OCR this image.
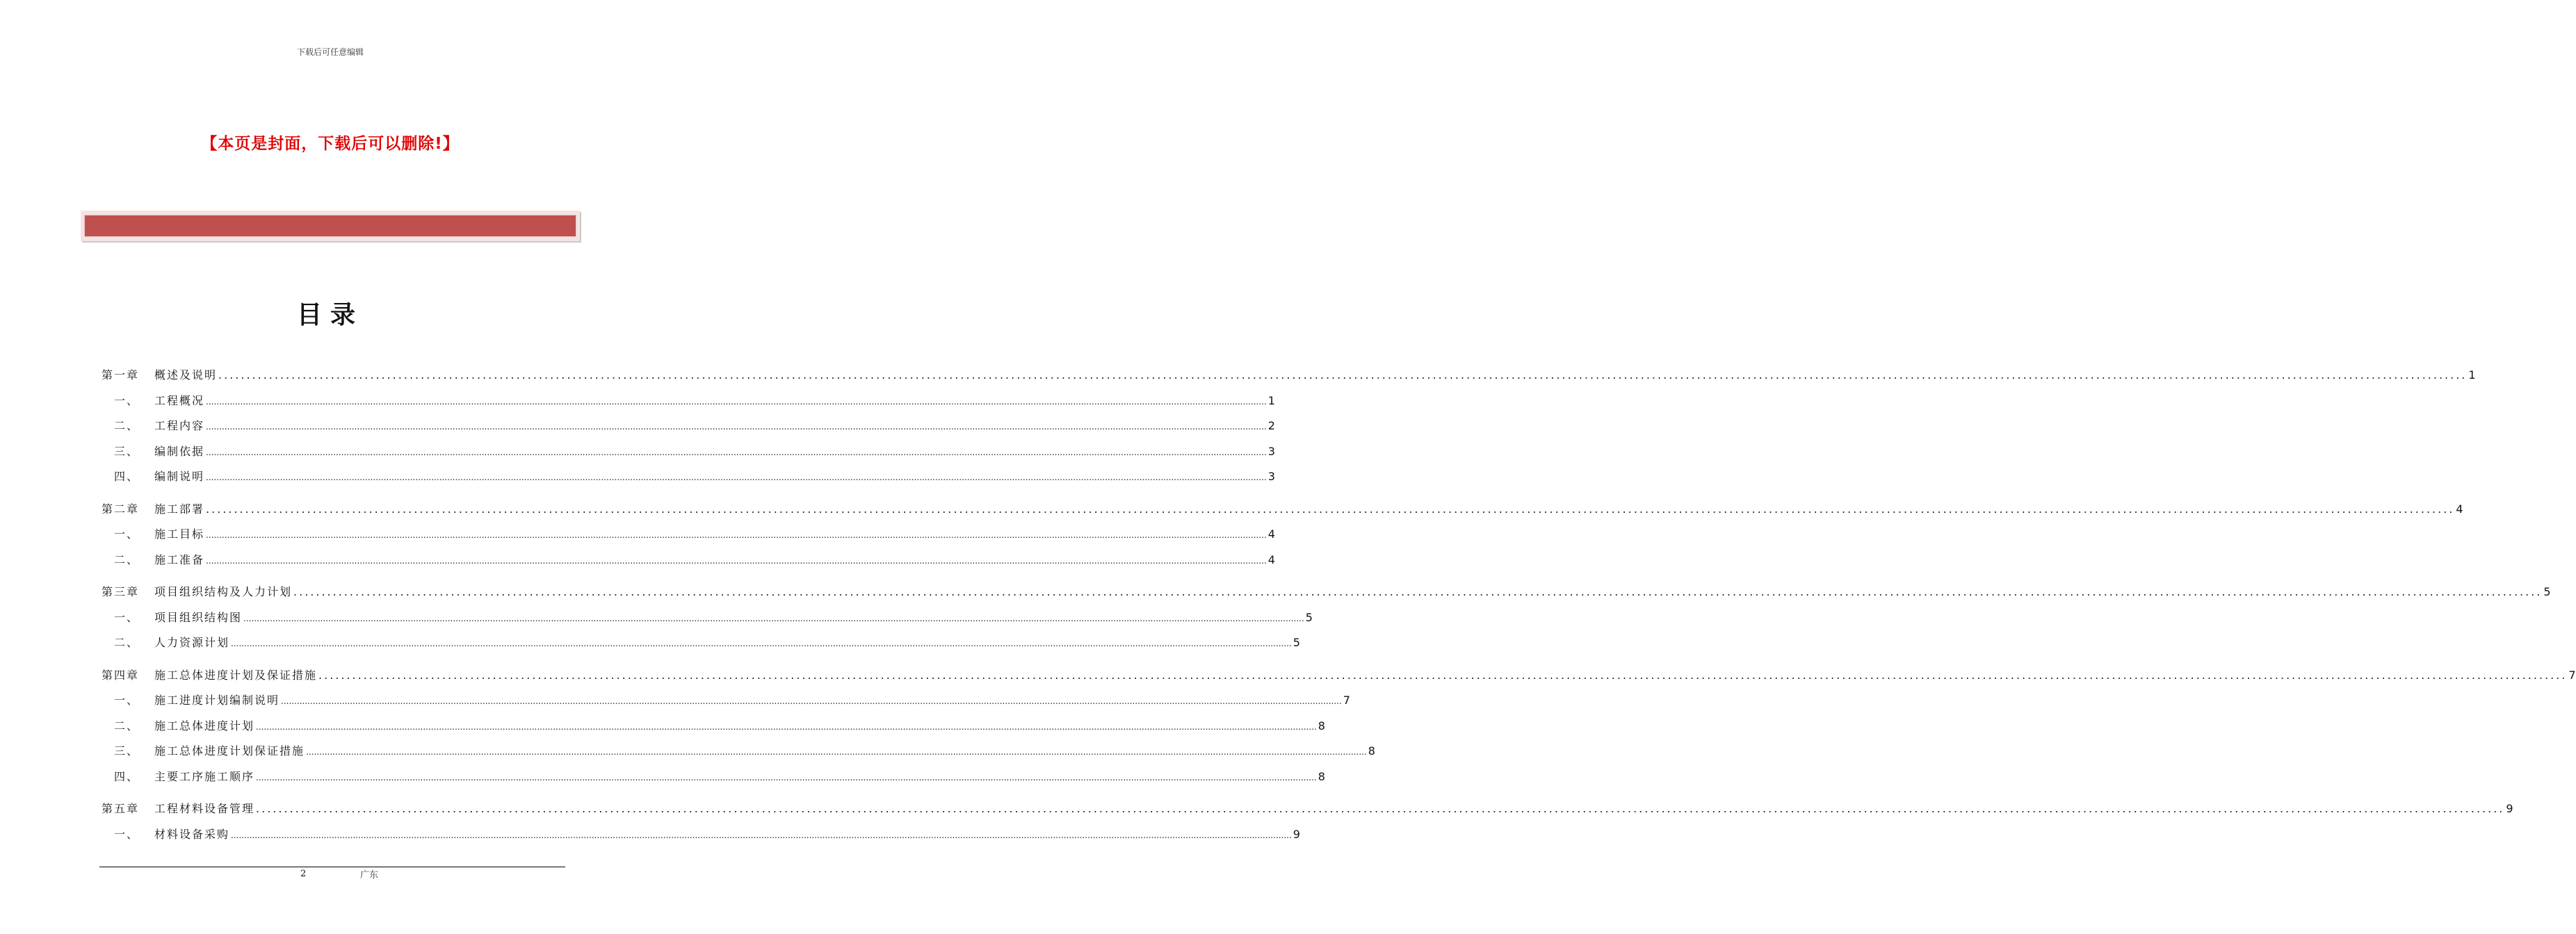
下载后可任意编辑
【本页是封面，下载后可以删除!】
目录
第一章	概述及说明 ................................................................................................................................................................................................................................................................................................................................................................................................................ 1
一、	工程概况 ................................................................................................................................................................................................................................................................................................................................................................................................................ 1
二、	工程内容 ................................................................................................................................................................................................................................................................................................................................................................................................................ 2
三、	编制依据 ................................................................................................................................................................................................................................................................................................................................................................................................................ 3
四、	编制说明 ................................................................................................................................................................................................................................................................................................................................................................................................................ 3
第二章	施工部署 ................................................................................................................................................................................................................................................................................................................................................................................................................ 4
一、	施工目标 ................................................................................................................................................................................................................................................................................................................................................................................................................ 4
二、	施工准备 ................................................................................................................................................................................................................................................................................................................................................................................................................ 4
第三章	项目组织结构及人力计划 ................................................................................................................................................................................................................................................................................................................................................................................................................ 5
一、	项目组织结构图 ................................................................................................................................................................................................................................................................................................................................................................................................................ 5
二、	人力资源计划 ................................................................................................................................................................................................................................................................................................................................................................................................................ 5
第四章	施工总体进度计划及保证措施 ................................................................................................................................................................................................................................................................................................................................................................................................................ 7
一、	施工进度计划编制说明 ................................................................................................................................................................................................................................................................................................................................................................................................................ 7
二、	施工总体进度计划 ................................................................................................................................................................................................................................................................................................................................................................................................................ 8
三、	施工总体进度计划保证措施 ................................................................................................................................................................................................................................................................................................................................................................................................................ 8
四、	主要工序施工顺序 ................................................................................................................................................................................................................................................................................................................................................................................................................ 8
第五章	工程材料设备管理 ................................................................................................................................................................................................................................................................................................................................................................................................................ 9
一、	材料设备采购 ................................................................................................................................................................................................................................................................................................................................................................................................................ 9
2	广东
